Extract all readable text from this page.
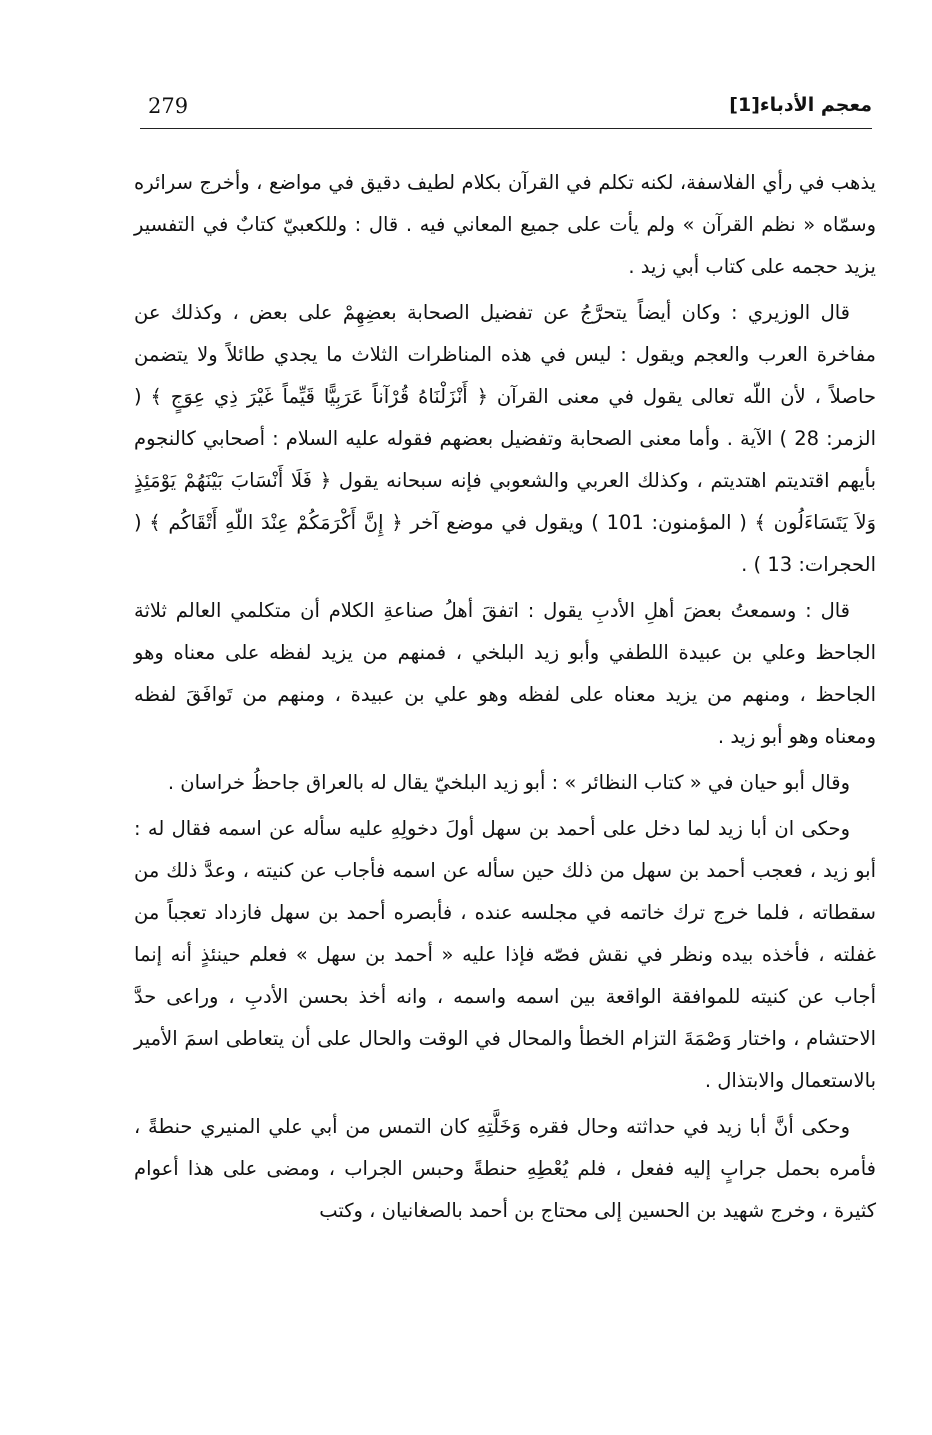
279	معجم الأدباء[1]

يذهب في رأي الفلاسفة، لكنه تكلم في القرآن بكلام لطيف دقيق في مواضع ، وأخرج سرائره وسمّاه « نظم القرآن » ولم يأت على جميع المعاني فيه . قال : وللكعبيّ كتابٌ في التفسير يزيد حجمه على كتاب أبي زيد .

قال الوزيري : وكان أيضاً يتحرَّجُ عن تفضيل الصحابة بعضِهِمْ على بعض ، وكذلك عن مفاخرة العرب والعجم ويقول : ليس في هذه المناظرات الثلاث ما يجدي طائلاً ولا يتضمن حاصلاً ، لأن اللّه تعالى يقول في معنى القرآن ﴿ أَنْزَلْنَاهُ قُرْآناً عَرَبِيًّا قَيِّماً غَيْرَ ذِي عِوَجٍ ﴾ ( الزمر: 28 ) الآية . وأما معنى الصحابة وتفضيل بعضهم فقوله عليه السلام : أصحابي كالنجوم بأيهم اقتديتم اهتديتم ، وكذلك العربي والشعوبي فإنه سبحانه يقول ﴿ فَلَا أَنْسَابَ بَيْنَهُمْ يَوْمَئِذٍ وَلاَ يَتَسَاءَلُون ﴾ ( المؤمنون: 101 ) ويقول في موضع آخر ﴿ إِنَّ أَكْرَمَكُمْ عِنْدَ اللّهِ أَتْقَاكُم ﴾ ( الحجرات: 13 ) .

قال : وسمعتُ بعضَ أهلِ الأدبِ يقول : اتفقَ أهلُ صناعةِ الكلام أن متكلمي العالم ثلاثة الجاحظ وعلي بن عبيدة اللطفي وأبو زيد البلخي ، فمنهم من يزيد لفظه على معناه وهو الجاحظ ، ومنهم من يزيد معناه على لفظه وهو علي بن عبيدة ، ومنهم من تَوافَقَ لفظه ومعناه وهو أبو زيد .

وقال أبو حيان في « كتاب النظائر » : أبو زيد البلخيّ يقال له بالعراق جاحظُ خراسان .

وحكى ان أبا زيد لما دخل على أحمد بن سهل أولَ دخولِهِ عليه سأله عن اسمه فقال له : أبو زيد ، فعجب أحمد بن سهل من ذلك حين سأله عن اسمه فأجاب عن كنيته ، وعدَّ ذلك من سقطاته ، فلما خرج ترك خاتمه في مجلسه عنده ، فأبصره أحمد بن سهل فازداد تعجباً من غفلته ، فأخذه بيده ونظر في نقش فصّه فإذا عليه « أحمد بن سهل » فعلم حينئذٍ أنه إنما أجاب عن كنيته للموافقة الواقعة بين اسمه واسمه ، وانه أخذ بحسن الأدبِ ، وراعى حدَّ الاحتشام ، واختار وَصْمَةَ التزام الخطأ والمحال في الوقت والحال على أن يتعاطى اسمَ الأمير بالاستعمال والابتذال .

وحكى أنَّ أبا زيد في حداثته وحال فقره وَخَلَّتِهِ كان التمس من أبي علي المنيري حنطةً ، فأمره بحمل جرابٍ إليه ففعل ، فلم يُعْطِهِ حنطةً وحبس الجراب ، ومضى على هذا أعوام كثيرة ، وخرج شهيد بن الحسين إلى محتاج بن أحمد بالصغانيان ، وكتب
